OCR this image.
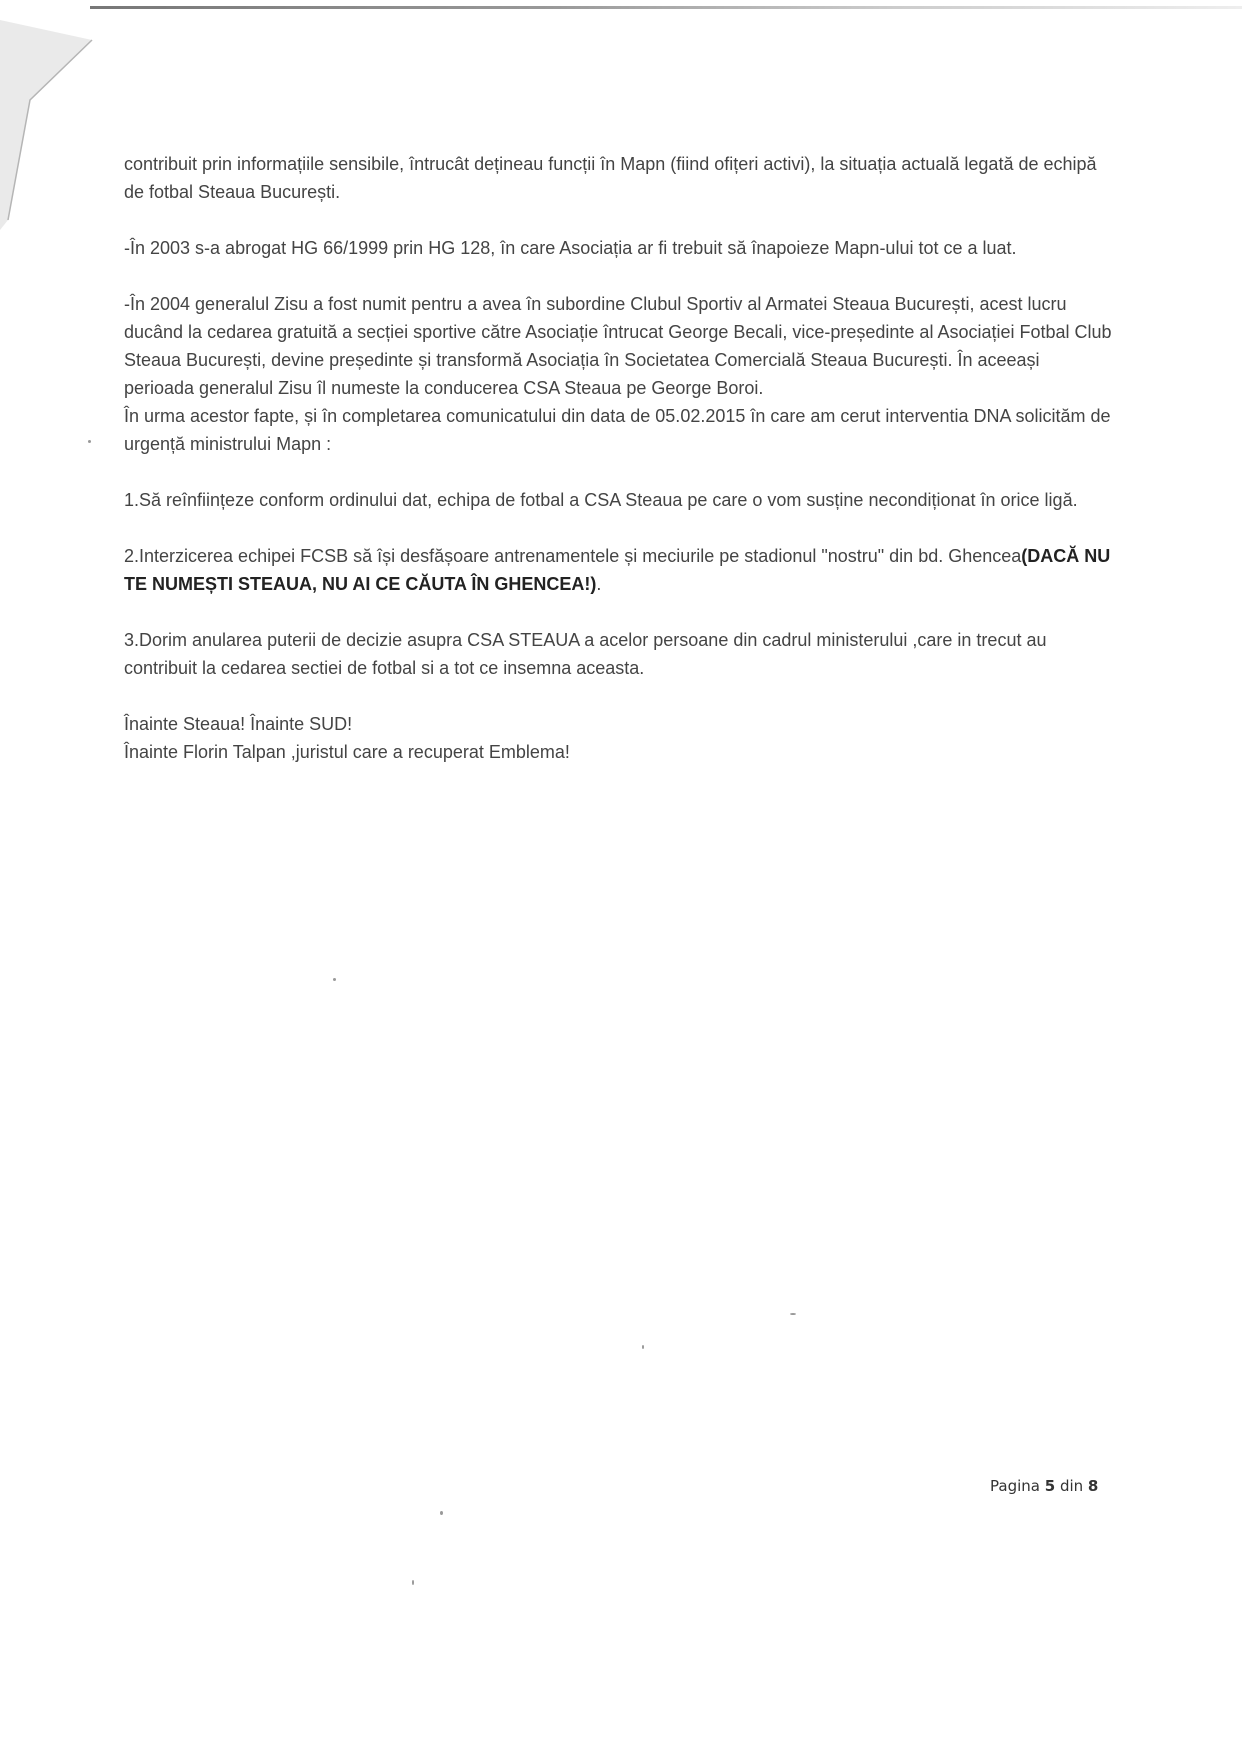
contribuit prin informațiile sensibile, întrucât dețineau funcții în Mapn (fiind ofițeri activi), la situația actuală legată de echipă de fotbal Steaua București.

-În 2003 s-a abrogat HG 66/1999 prin HG 128, în care Asociația ar fi trebuit să înapoieze Mapn-ului tot ce a luat.

-În 2004 generalul Zisu a fost numit pentru a avea în subordine Clubul Sportiv al Armatei Steaua București, acest lucru ducând la cedarea gratuită a secției sportive către Asociație întrucat George Becali, vice-președinte al Asociației Fotbal Club Steaua București, devine președinte și transformă Asociația în Societatea Comercială Steaua București. În aceeași perioada generalul Zisu îl numeste la conducerea CSA Steaua pe George Boroi.

În urma acestor fapte, și în completarea comunicatului din data de 05.02.2015 în care am cerut interventia DNA solicităm de urgență ministrului Mapn :

1.Să reînființeze conform ordinului dat, echipa de fotbal a CSA Steaua pe care o vom susține necondiționat în orice ligă.

2.Interzicerea echipei FCSB să își desfășoare antrenamentele și meciurile pe stadionul "nostru" din bd. Ghencea(DACĂ NU TE NUMEȘTI STEAUA, NU AI CE CĂUTA ÎN GHENCEA!).

3.Dorim anularea puterii de decizie asupra CSA STEAUA a acelor persoane din cadrul ministerului ,care in trecut au contribuit la cedarea sectiei de fotbal si a tot ce insemna aceasta.

Înainte Steaua! Înainte SUD!

Înainte Florin Talpan ,juristul care a recuperat Emblema!

Pagina 5 din 8
